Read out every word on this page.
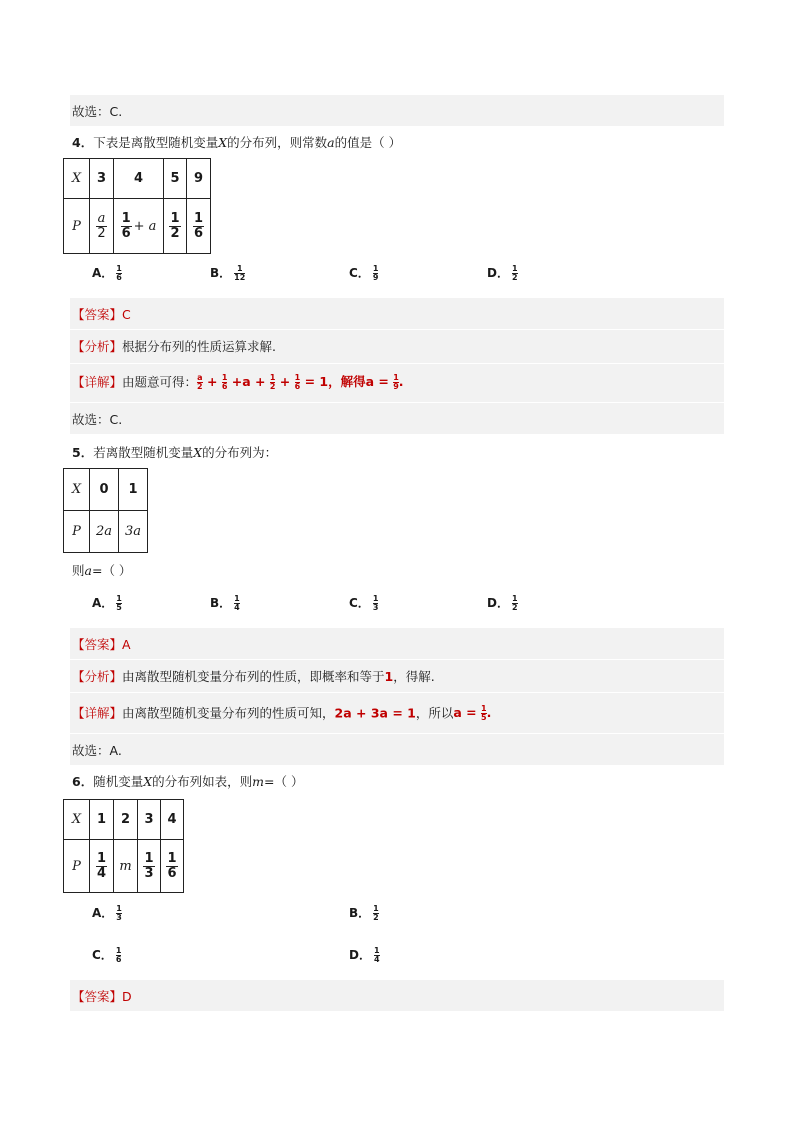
故选：C.
4．下表是离散型随机变量X的分布列，则常数a的值是（ ）
X	3	4	5	9
P	$\frac{a}{2}$	$\frac{1}{6} + a$	$\frac{1}{2}$	$\frac{1}{6}$
A． $\frac{1}{6}$	B． $\frac{1}{12}$	C． $\frac{1}{9}$	D． $\frac{1}{2}$
【答案】C
【分析】根据分布列的性质运算求解.
【详解】由题意可得： $\frac{a}{2} + \frac{1}{6} +a + \frac{1}{2} + \frac{1}{6} = 1$，解得$a = \frac{1}{9}$ .
故选：C.
5．若离散型随机变量X的分布列为：
X	0	1
P	2a	3a
则a=（ ）
A． $\frac{1}{5}$	B． $\frac{1}{4}$	C． $\frac{1}{3}$	D． $\frac{1}{2}$
【答案】A
【分析】由离散型随机变量分布列的性质，即概率和等于1，得解.
【详解】由离散型随机变量分布列的性质可知，2a + 3a = 1，所以$a = \frac{1}{5}$ .
故选：A.
6．随机变量X的分布列如表，则m=（ ）
X	1	2	3	4
P	$\frac{1}{4}$	m	$\frac{1}{3}$	$\frac{1}{6}$
A． $\frac{1}{3}$	B． $\frac{1}{2}$
C． $\frac{1}{6}$	D． $\frac{1}{4}$
【答案】D
